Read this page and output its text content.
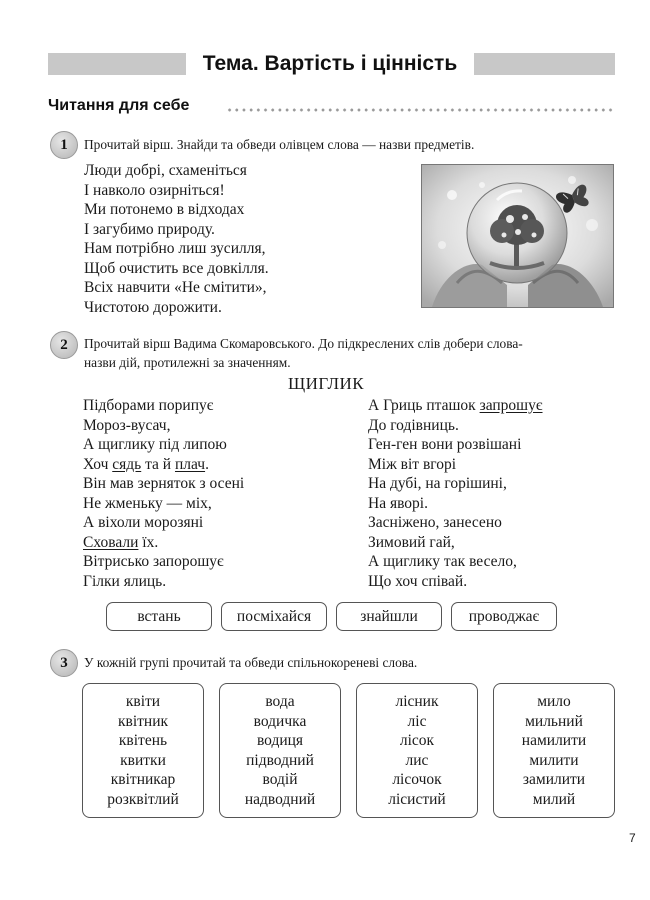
Тема. Вартість і цінність
Читання для себе
1	Прочитай вірш. Знайди та обведи олівцем слова — назви предметів.
Люди добрі, схаменіться
І навколо озирніться!
Ми потонемо в відходах
І загубимо природу.
Нам потрібно лиш зусилля,
Щоб очистить все довкілля.
Всіх навчити «Не смітити»,
Чистотою дорожити.
2	Прочитай вірш Вадима Скомаровського. До підкреслених слів добери слова-
назви дій, протилежні за значенням.
ЩИГЛИК
Підборами порипує
Мороз-вусач,
А щиглику під липою
Хоч сядь та й плач.
Він мав зерняток з осені
Не жменьку — міх,
А віхоли морозяні
Сховали їх.
Вітрисько запорошує
Гілки ялиць.
А Гриць пташок запрошує
До годівниць.
Ген-ген вони розвішані
Між віт вгорі
На дубі, на горішині,
На яворі.
Засніжено, занесено
Зимовий гай,
А щиглику так весело,
Що хоч співай.
встань	посміхайся	знайшли	проводжає
3	У кожній групі прочитай та обведи спільнокореневі слова.
квіти
квітник
квітень
квитки
квітникар
розквітлий
вода
водичка
водиця
підводний
водій
надводний
лісник
ліс
лісок
лис
лісочок
лісистий
мило
мильний
намилити
милити
замилити
милий
7
